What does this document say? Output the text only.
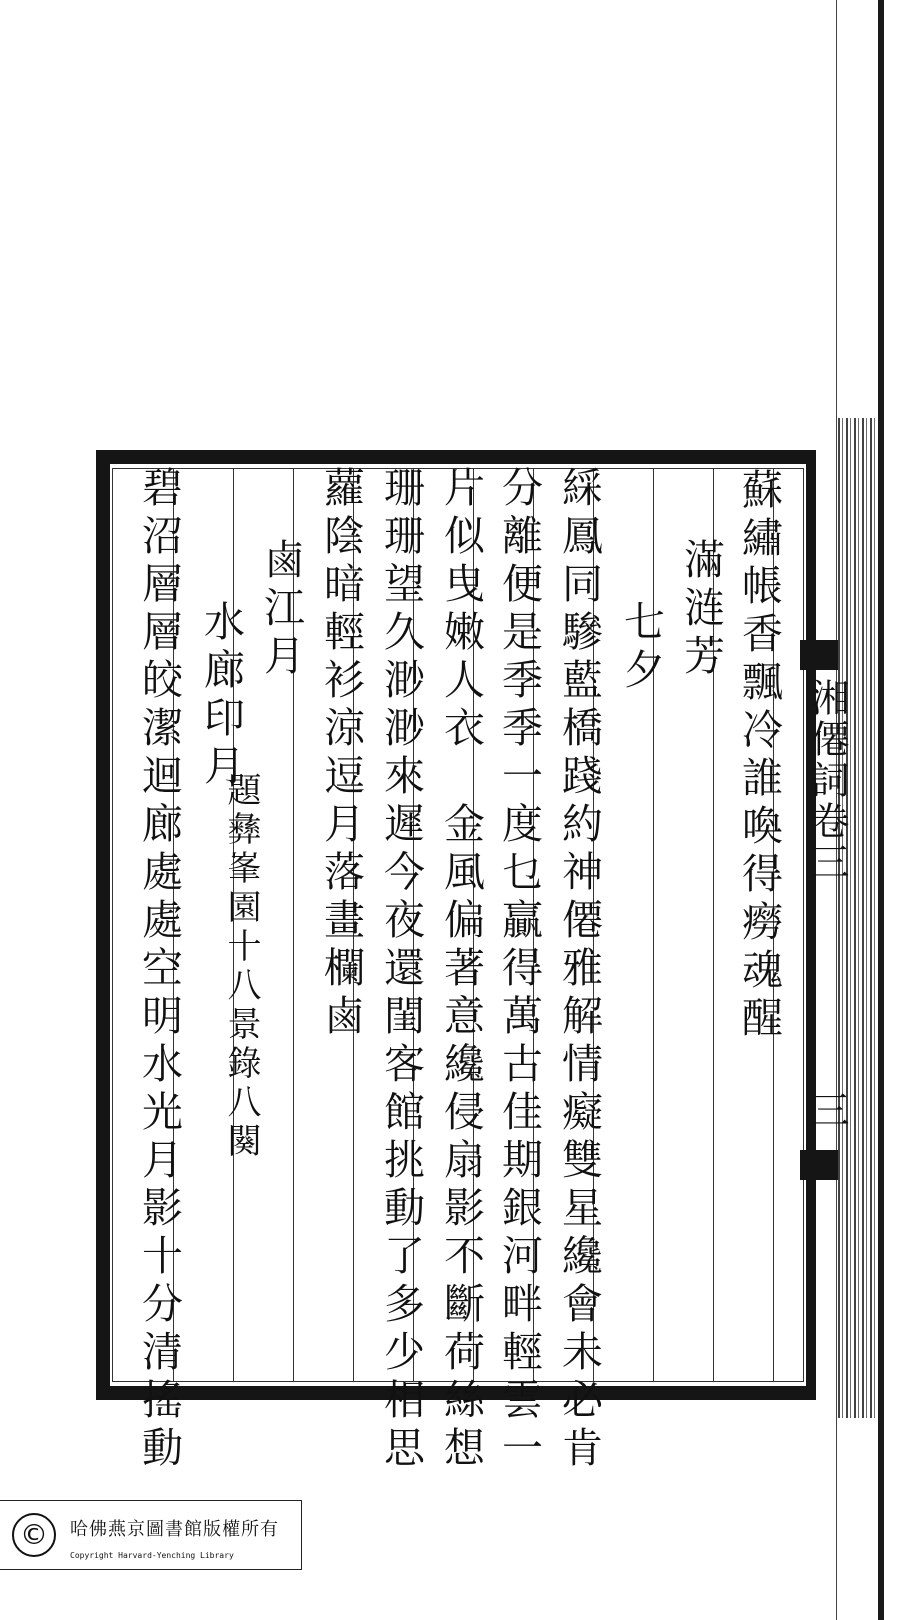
蘇繡帳香飄冷誰喚得癆魂醒
滿涟芳
七夕
綵鳳同驂藍橋踐約神僊雅解情癡雙星纔會未必肯
分離便是季季一度乜贏得萬古佳期銀河畔輕雲一
片似曳嫩人衣　金風偏著意纔侵扇影不斷荷絲想
珊珊望久渺渺來遲今夜還閨客館挑動了多少相思
蘿陰暗輕衫涼逗月落畫欄鹵
鹵江月
水廊印月
題彝峯園十八景錄八闋
碧沼層層皎潔迴廊處處空明水光月影十分清搖動	湘僊詞卷三
三
©	哈佛燕京圖書館版權所有
Copyright Harvard-Yenching Library
